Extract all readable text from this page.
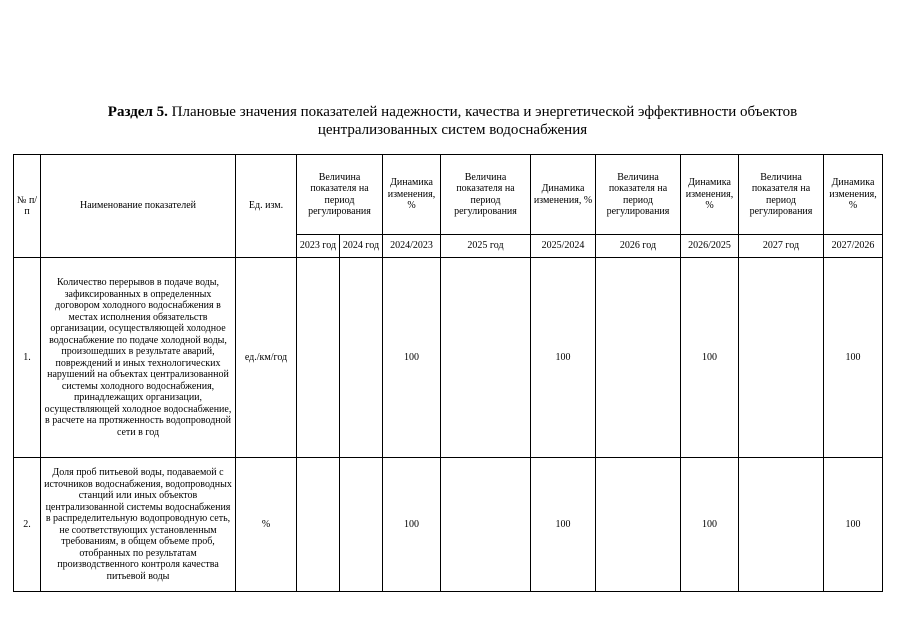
Раздел 5. Плановые значения показателей надежности, качества и энергетической эффективности объектов
централизованных систем водоснабжения
№ п/п	Наименование показателей	Ед. изм.	Величина показателя на период регулирования		Динамика изменения, %	Величина показателя на период регулирования	Динамика изменения, %	Величина показателя на период регулирования	Динамика изменения, %	Величина показателя на период регулирования	Динамика изменения, %
			2023 год	2024 год	2024/2023	2025 год	2025/2024	2026 год	2026/2025	2027 год	2027/2026
1.	Количество перерывов в подаче воды, зафиксированных в определенных договором холодного водоснабжения в местах исполнения обязательств организации, осуществляющей холодное водоснабжение по подаче холодной воды, произошедших в результате аварий, повреждений и иных технологических нарушений на объектах централизованной системы холодного водоснабжения, принадлежащих организации, осуществляющей холодное водоснабжение, в расчете на протяженность водопроводной сети в год	ед./км/год			100		100		100		100
2.	Доля проб питьевой воды, подаваемой с источников водоснабжения, водопроводных станций или иных объектов централизованной системы водоснабжения в распределительную водопроводную сеть, не соответствующих установленным требованиям, в общем объеме проб, отобранных по результатам производственного контроля качества питьевой воды	%			100		100		100		100
